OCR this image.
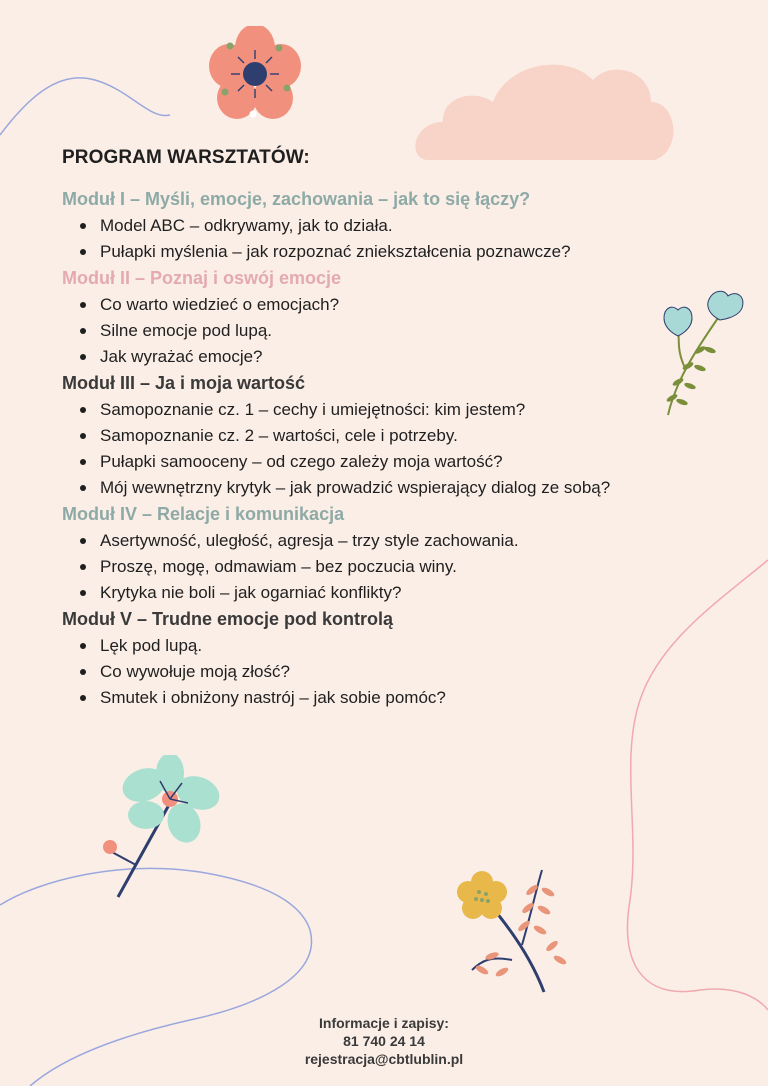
PROGRAM WARSZTATÓW:

Moduł I – Myśli, emocje, zachowania – jak to się łączy?

Model ABC – odkrywamy, jak to działa.
Pułapki myślenia – jak rozpoznać zniekształcenia poznawcze?

Moduł II – Poznaj i oswój emocje

Co warto wiedzieć o emocjach?
Silne emocje pod lupą.
Jak wyrażać emocje?

Moduł III – Ja i moja wartość

Samopoznanie cz. 1 – cechy i umiejętności: kim jestem?
Samopoznanie cz. 2 – wartości, cele i potrzeby.
Pułapki samooceny – od czego zależy moja wartość?
Mój wewnętrzny krytyk – jak prowadzić wspierający dialog ze sobą?

Moduł IV – Relacje i komunikacja

Asertywność, uległość, agresja – trzy style zachowania.
Proszę, mogę, odmawiam – bez poczucia winy.
Krytyka nie boli – jak ogarniać konflikty?

Moduł V – Trudne emocje pod kontrolą

Lęk pod lupą.
Co wywołuje moją złość?
Smutek i obniżony nastrój – jak sobie pomóc?
Informacje i zapisy:
81 740 24 14
rejestracja@cbtlublin.pl
